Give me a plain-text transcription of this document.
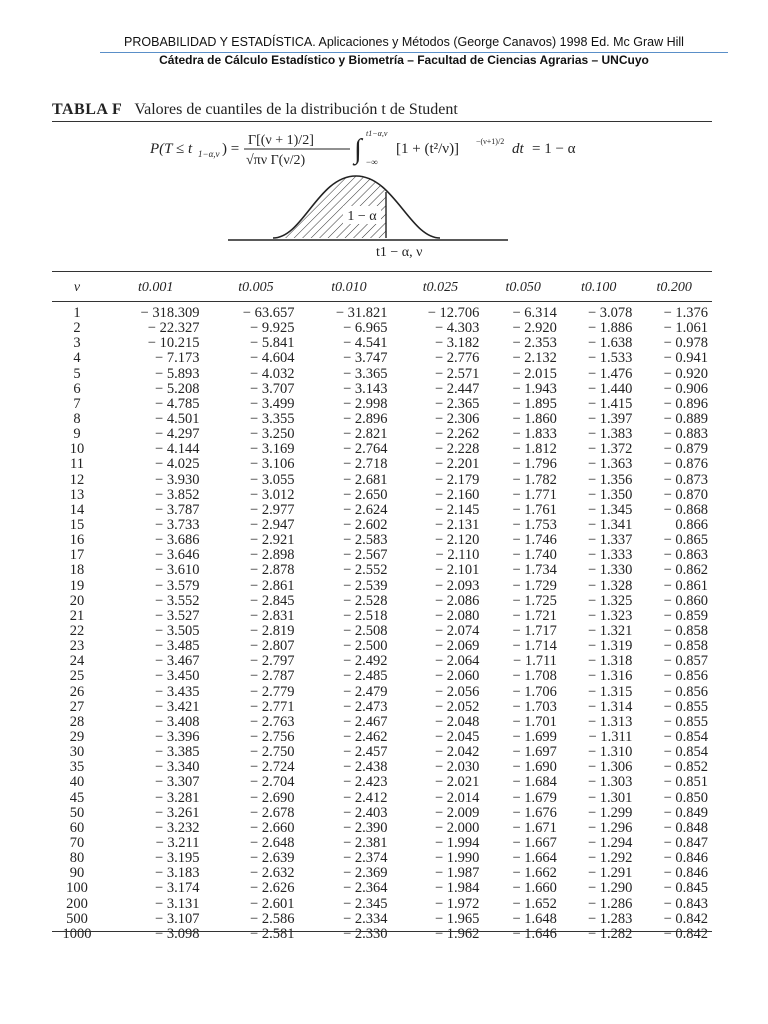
PROBABILIDAD Y ESTADÍSTICA. Aplicaciones y Métodos (George Canavos) 1998 Ed. Mc Graw Hill
Cátedra de Cálculo Estadístico y Biometría – Facultad de Ciencias Agrarias – UNCuyo
TABLA F Valores de cuantiles de la distribución t de Student
P(T ≤ t 1−α,ν ) =
Γ[(ν + 1)/2]
√πν Γ(ν/2) ∫
t1−α,ν
−∞
[1 + (t²/ν)] −(ν+1)/2 dt = 1 − α
1 − α
t1 − α, ν
ν	t0.001	t0.005	t0.010	t0.025	t0.050	t0.100	t0.200
1	− 318.309	− 63.657	− 31.821	− 12.706	− 6.314	− 3.078	− 1.376
2	− 22.327	− 9.925	− 6.965	− 4.303	− 2.920	− 1.886	− 1.061
3	− 10.215	− 5.841	− 4.541	− 3.182	− 2.353	− 1.638	− 0.978
4	− 7.173	− 4.604	− 3.747	− 2.776	− 2.132	− 1.533	− 0.941
5	− 5.893	− 4.032	− 3.365	− 2.571	− 2.015	− 1.476	− 0.920
6	− 5.208	− 3.707	− 3.143	− 2.447	− 1.943	− 1.440	− 0.906
7	− 4.785	− 3.499	− 2.998	− 2.365	− 1.895	− 1.415	− 0.896
8	− 4.501	− 3.355	− 2.896	− 2.306	− 1.860	− 1.397	− 0.889
9	− 4.297	− 3.250	− 2.821	− 2.262	− 1.833	− 1.383	− 0.883
10	− 4.144	− 3.169	− 2.764	− 2.228	− 1.812	− 1.372	− 0.879
11	− 4.025	− 3.106	− 2.718	− 2.201	− 1.796	− 1.363	− 0.876
12	− 3.930	− 3.055	− 2.681	− 2.179	− 1.782	− 1.356	− 0.873
13	− 3.852	− 3.012	− 2.650	− 2.160	− 1.771	− 1.350	− 0.870
14	− 3.787	− 2.977	− 2.624	− 2.145	− 1.761	− 1.345	− 0.868
15	− 3.733	− 2.947	− 2.602	− 2.131	− 1.753	− 1.341	0.866
16	− 3.686	− 2.921	− 2.583	− 2.120	− 1.746	− 1.337	− 0.865
17	− 3.646	− 2.898	− 2.567	− 2.110	− 1.740	− 1.333	− 0.863
18	− 3.610	− 2.878	− 2.552	− 2.101	− 1.734	− 1.330	− 0.862
19	− 3.579	− 2.861	− 2.539	− 2.093	− 1.729	− 1.328	− 0.861
20	− 3.552	− 2.845	− 2.528	− 2.086	− 1.725	− 1.325	− 0.860
21	− 3.527	− 2.831	− 2.518	− 2.080	− 1.721	− 1.323	− 0.859
22	− 3.505	− 2.819	− 2.508	− 2.074	− 1.717	− 1.321	− 0.858
23	− 3.485	− 2.807	− 2.500	− 2.069	− 1.714	− 1.319	− 0.858
24	− 3.467	− 2.797	− 2.492	− 2.064	− 1.711	− 1.318	− 0.857
25	− 3.450	− 2.787	− 2.485	− 2.060	− 1.708	− 1.316	− 0.856
26	− 3.435	− 2.779	− 2.479	− 2.056	− 1.706	− 1.315	− 0.856
27	− 3.421	− 2.771	− 2.473	− 2.052	− 1.703	− 1.314	− 0.855
28	− 3.408	− 2.763	− 2.467	− 2.048	− 1.701	− 1.313	− 0.855
29	− 3.396	− 2.756	− 2.462	− 2.045	− 1.699	− 1.311	− 0.854
30	− 3.385	− 2.750	− 2.457	− 2.042	− 1.697	− 1.310	− 0.854
35	− 3.340	− 2.724	− 2.438	− 2.030	− 1.690	− 1.306	− 0.852
40	− 3.307	− 2.704	− 2.423	− 2.021	− 1.684	− 1.303	− 0.851
45	− 3.281	− 2.690	− 2.412	− 2.014	− 1.679	− 1.301	− 0.850
50	− 3.261	− 2.678	− 2.403	− 2.009	− 1.676	− 1.299	− 0.849
60	− 3.232	− 2.660	− 2.390	− 2.000	− 1.671	− 1.296	− 0.848
70	− 3.211	− 2.648	− 2.381	− 1.994	− 1.667	− 1.294	− 0.847
80	− 3.195	− 2.639	− 2.374	− 1.990	− 1.664	− 1.292	− 0.846
90	− 3.183	− 2.632	− 2.369	− 1.987	− 1.662	− 1.291	− 0.846
100	− 3.174	− 2.626	− 2.364	− 1.984	− 1.660	− 1.290	− 0.845
200	− 3.131	− 2.601	− 2.345	− 1.972	− 1.652	− 1.286	− 0.843
500	− 3.107	− 2.586	− 2.334	− 1.965	− 1.648	− 1.283	− 0.842
1000	− 3.098	− 2.581	− 2.330	− 1.962	− 1.646	− 1.282	− 0.842
